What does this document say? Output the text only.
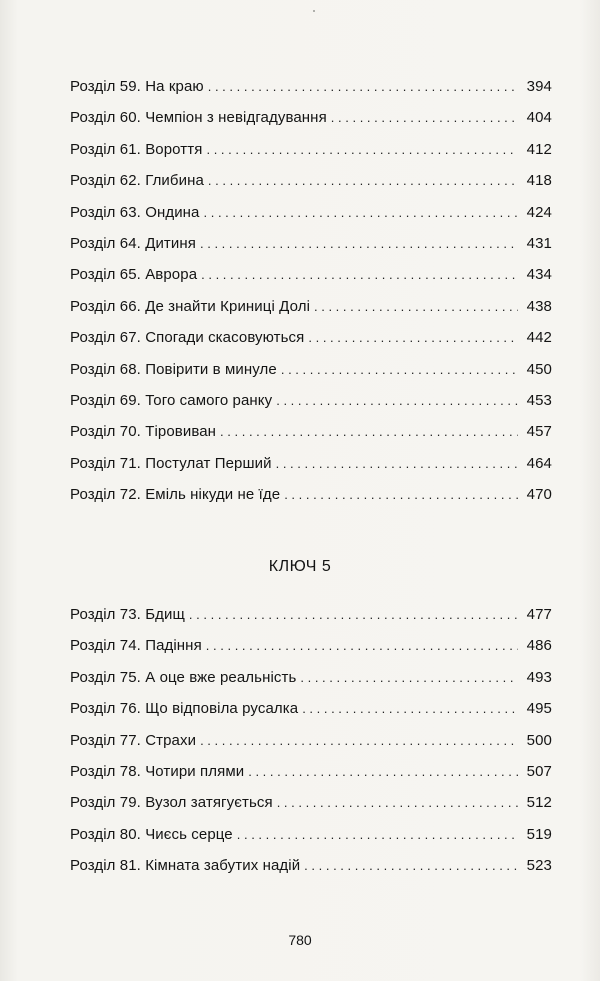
Розділ 59. На краю . . .	394
Розділ 60. Чемпіон з невідгадування . . .	404
Розділ 61. Вороття . . .	412
Розділ 62. Глибина . . .	418
Розділ 63. Ондина . . .	424
Розділ 64. Дитиня . . .	431
Розділ 65. Аврора . . .	434
Розділ 66. Де знайти Криниці Долі . . .	438
Розділ 67. Спогади скасовуються . . .	442
Розділ 68. Повірити в минуле . . .	450
Розділ 69. Того самого ранку . . .	453
Розділ 70. Тіровиван . . .	457
Розділ 71. Постулат Перший . . .	464
Розділ 72. Еміль нікуди не їде . . .	470
КЛЮЧ 5
Розділ 73. Бдищ . . .	477
Розділ 74. Падіння . . .	486
Розділ 75. А оце вже реальність . . .	493
Розділ 76. Що відповіла русалка . . .	495
Розділ 77. Страхи . . .	500
Розділ 78. Чотири плями . . .	507
Розділ 79. Вузол затягується . . .	512
Розділ 80. Чиєсь серце . . .	519
Розділ 81. Кімната забутих надій . . .	523
780
